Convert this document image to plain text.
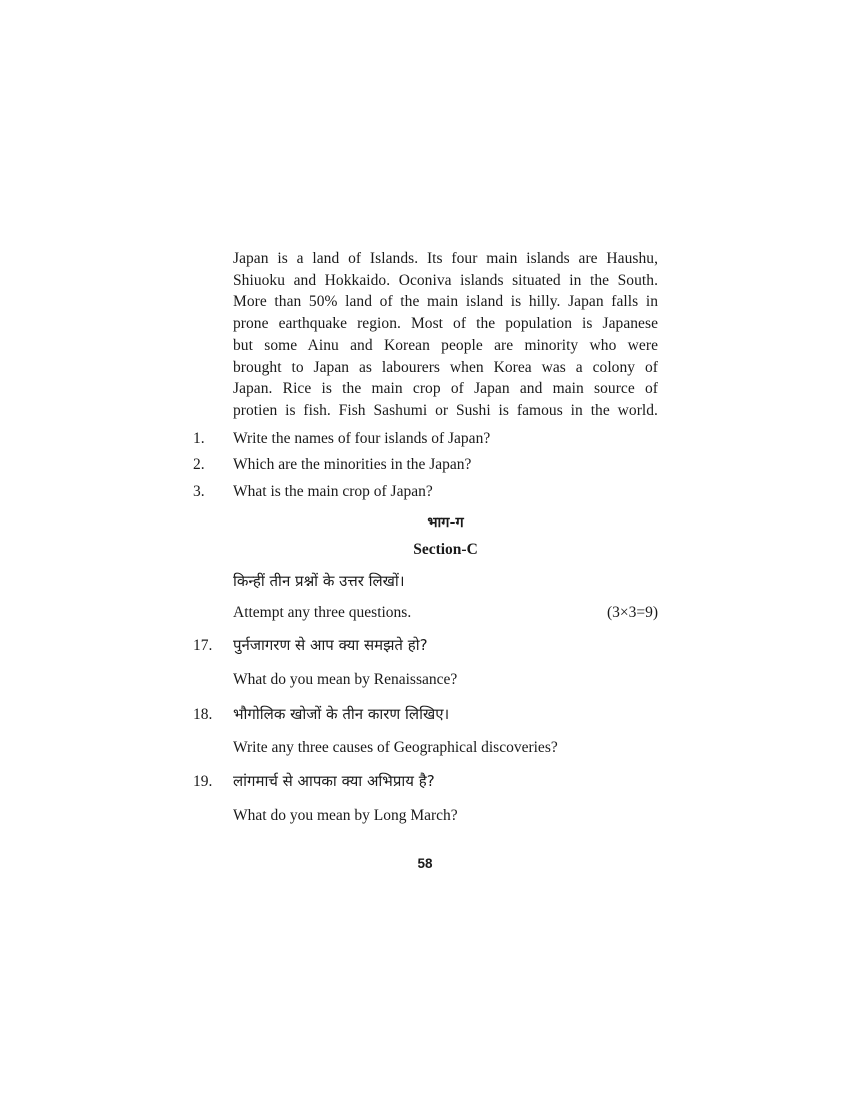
Japan is a land of Islands. Its four main islands are Haushu,
Shiuoku and Hokkaido. Oconiva islands situated in the South.
More than 50% land of the main island is hilly. Japan falls in
prone earthquake region. Most of the population is Japanese
but some Ainu and Korean people are minority who were
brought to Japan as labourers when Korea was a colony of
Japan. Rice is the main crop of Japan and main source of
protien is fish. Fish Sashumi or Sushi is famous in the world.
1. Write the names of four islands of Japan?
2. Which are the minorities in the Japan?
3. What is the main crop of Japan?
भाग-ग
Section-C
किन्हीं तीन प्रश्नों के उत्तर लिखों।
Attempt any three questions.	(3×3=9)
17. पुर्नजागरण से आप क्या समझते हो?
What do you mean by Renaissance?
18. भौगोलिक खोजों के तीन कारण लिखिए।
Write any three causes of Geographical discoveries?
19. लांगमार्च से आपका क्या अभिप्राय है?
What do you mean by Long March?
58
